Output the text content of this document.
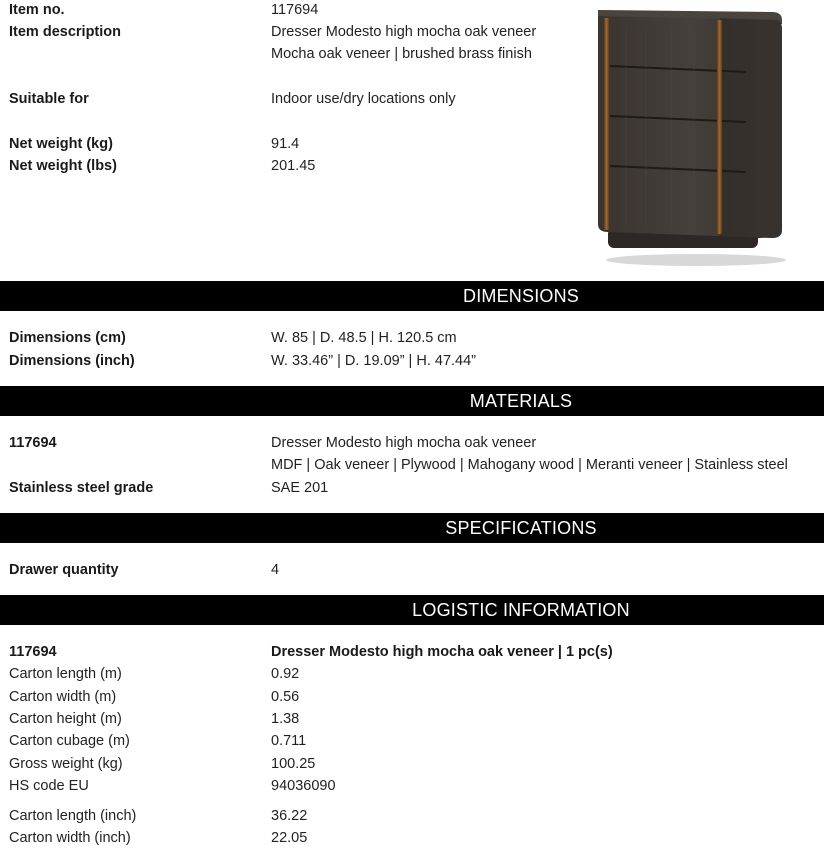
Item no.	117694
Item description	Dresser Modesto high mocha oak veneer
Mocha oak veneer | brushed brass finish
Suitable for	Indoor use/dry locations only
Net weight (kg)	91.4
Net weight (lbs)	201.45
DIMENSIONS
Dimensions (cm)	W. 85 | D. 48.5 | H. 120.5 cm
Dimensions (inch)	W. 33.46” | D. 19.09” | H. 47.44”
MATERIALS
117694	Dresser Modesto high mocha oak veneer
MDF | Oak veneer | Plywood | Mahogany wood | Meranti veneer | Stainless steel
Stainless steel grade	SAE 201
SPECIFICATIONS
Drawer quantity	4
LOGISTIC INFORMATION
117694	Dresser Modesto high mocha oak veneer | 1 pc(s)
Carton length (m)	0.92
Carton width (m)	0.56
Carton height (m)	1.38
Carton cubage (m)	0.711
Gross weight (kg)	100.25
HS code EU	94036090
Carton length (inch)	36.22
Carton width (inch)	22.05
